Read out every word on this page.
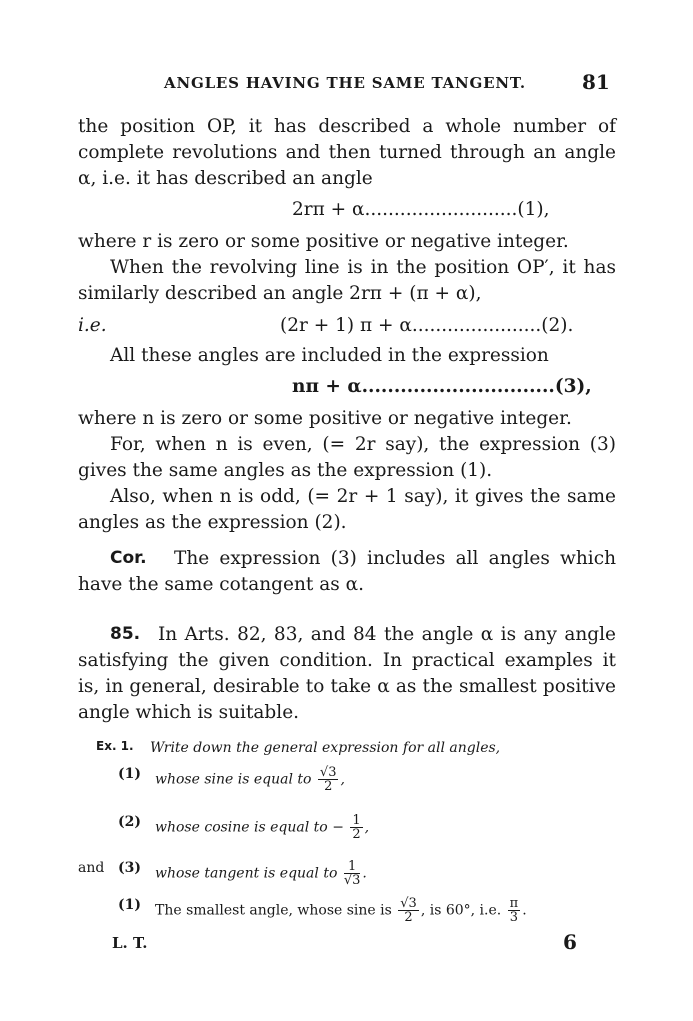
ANGLES HAVING THE SAME TANGENT.	81
the position OP, it has described a whole number of
complete revolutions and then turned through an angle
α, i.e. it has described an angle
2rπ + α..........................(1),
where r is zero or some positive or negative integer.
When the revolving line is in the position OP′, it has
similarly described an angle 2rπ + (π + α),
i.e.	(2r + 1) π + α......................(2).
All these angles are included in the expression
nπ + α..............................(3),
where n is zero or some positive or negative integer.
For, when n is even, (= 2r say), the expression (3)
gives the same angles as the expression (1).
Also, when n is odd, (= 2r + 1 say), it gives the same
angles as the expression (2).
Cor. The expression (3) includes all angles which
have the same cotangent as α.
85. In Arts. 82, 83, and 84 the angle α is any angle
satisfying the given condition. In practical examples it
is, in general, desirable to take α as the smallest positive
angle which is suitable.
Ex. 1. Write down the general expression for all angles,
(1) whose sine is equal to $\frac{√3}{2}$ ,
(2) whose cosine is equal to − $\frac{1}{2}$ ,
and (3) whose tangent is equal to $\frac{1}{√3}$ .
(1) The smallest angle, whose sine is $\frac{√3}{2}$ , is 60°, i.e. $\frac{\pi}{3}$ .
L. T.	6
